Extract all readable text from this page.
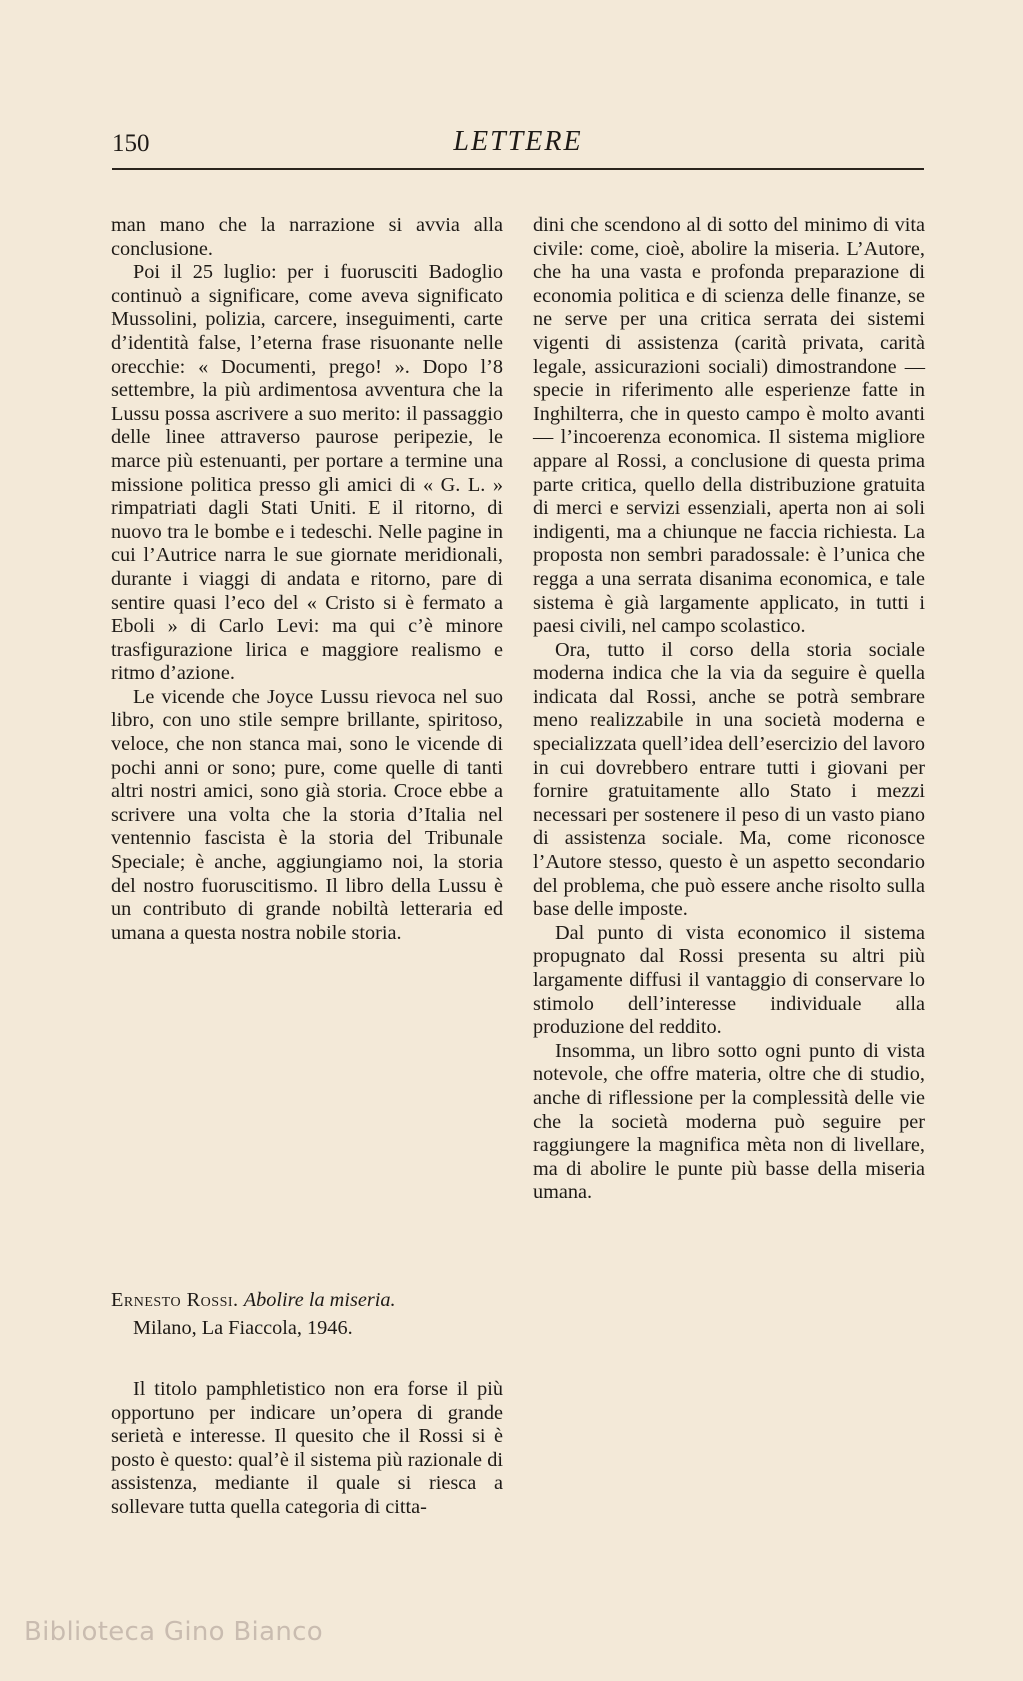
150	LETTERE

man mano che la narrazione si avvia alla conclusione.

Poi il 25 luglio: per i fuorusciti Badoglio continuò a significare, come aveva significato Mussolini, polizia, carcere, inseguimenti, carte d’identità false, l’eterna frase risuonante nelle orecchie: « Documenti, prego! ». Dopo l’8 settembre, la più ardimentosa avventura che la Lussu possa ascrivere a suo merito: il passaggio delle linee attraverso paurose peripezie, le marce più estenuanti, per portare a termine una missione politica presso gli amici di « G. L. » rimpatriati dagli Stati Uniti. E il ritorno, di nuovo tra le bombe e i tedeschi. Nelle pagine in cui l’Autrice narra le sue giornate meridionali, durante i viaggi di andata e ritorno, pare di sentire quasi l’eco del « Cristo si è fermato a Eboli » di Carlo Levi: ma qui c’è minore trasfigurazione lirica e maggiore realismo e ritmo d’azione.

Le vicende che Joyce Lussu rievoca nel suo libro, con uno stile sempre brillante, spiritoso, veloce, che non stanca mai, sono le vicende di pochi anni or sono; pure, come quelle di tanti altri nostri amici, sono già storia. Croce ebbe a scrivere una volta che la storia d’Italia nel ventennio fascista è la storia del Tribunale Speciale; è anche, aggiungiamo noi, la storia del nostro fuoruscitismo. Il libro della Lussu è un contributo di grande nobiltà letteraria ed umana a questa nostra nobile storia.

Ernesto Rossi. Abolire la miseria.
Milano, La Fiaccola, 1946.

Il titolo pamphletistico non era forse il più opportuno per indicare un’opera di grande serietà e interesse. Il quesito che il Rossi si è posto è questo: qual’è il sistema più razionale di assistenza, mediante il quale si riesca a sollevare tutta quella categoria di citta-

dini che scendono al di sotto del minimo di vita civile: come, cioè, abolire la miseria. L’Autore, che ha una vasta e profonda preparazione di economia politica e di scienza delle finanze, se ne serve per una critica serrata dei sistemi vigenti di assistenza (carità privata, carità legale, assicurazioni sociali) dimostrandone — specie in riferimento alle esperienze fatte in Inghilterra, che in questo campo è molto avanti — l’incoerenza economica. Il sistema migliore appare al Rossi, a conclusione di questa prima parte critica, quello della distribuzione gratuita di merci e servizi essenziali, aperta non ai soli indigenti, ma a chiunque ne faccia richiesta. La proposta non sembri paradossale: è l’unica che regga a una serrata disanima economica, e tale sistema è già largamente applicato, in tutti i paesi civili, nel campo scolastico.

Ora, tutto il corso della storia sociale moderna indica che la via da seguire è quella indicata dal Rossi, anche se potrà sembrare meno realizzabile in una società moderna e specializzata quell’idea dell’esercizio del lavoro in cui dovrebbero entrare tutti i giovani per fornire gratuitamente allo Stato i mezzi necessari per sostenere il peso di un vasto piano di assistenza sociale. Ma, come riconosce l’Autore stesso, questo è un aspetto secondario del problema, che può essere anche risolto sulla base delle imposte.

Dal punto di vista economico il sistema propugnato dal Rossi presenta su altri più largamente diffusi il vantaggio di conservare lo stimolo dell’interesse individuale alla produzione del reddito.

Insomma, un libro sotto ogni punto di vista notevole, che offre materia, oltre che di studio, anche di riflessione per la complessità delle vie che la società moderna può seguire per raggiungere la magnifica mèta non di livellare, ma di abolire le punte più basse della miseria umana.

Biblioteca Gino Bianco
